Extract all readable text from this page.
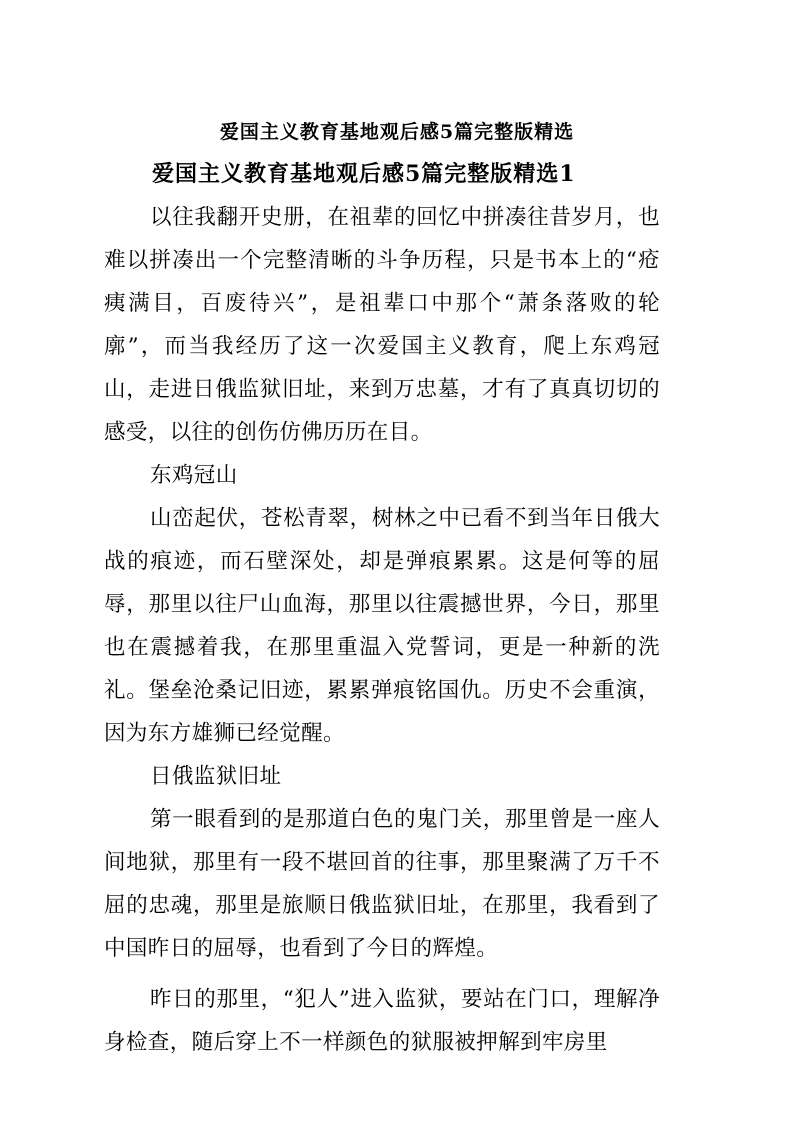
爱国主义教育基地观后感5篇完整版精选
爱国主义教育基地观后感5篇完整版精选1

以往我翻开史册，在祖辈的回忆中拼凑往昔岁月，也难以拼凑出一个完整清晰的斗争历程，只是书本上的“疮痍满目，百废待兴”，是祖辈口中那个“萧条落败的轮廓”，而当我经历了这一次爱国主义教育，爬上东鸡冠山，走进日俄监狱旧址，来到万忠墓，才有了真真切切的感受，以往的创伤仿佛历历在目。

东鸡冠山

山峦起伏，苍松青翠，树林之中已看不到当年日俄大战的痕迹，而石壁深处，却是弹痕累累。这是何等的屈辱，那里以往尸山血海，那里以往震撼世界，今日，那里也在震撼着我，在那里重温入党誓词，更是一种新的洗礼。堡垒沧桑记旧迹，累累弹痕铭国仇。历史不会重演，因为东方雄狮已经觉醒。

日俄监狱旧址

第一眼看到的是那道白色的鬼门关，那里曾是一座人间地狱，那里有一段不堪回首的往事，那里聚满了万千不屈的忠魂，那里是旅顺日俄监狱旧址，在那里，我看到了中国昨日的屈辱，也看到了今日的辉煌。

昨日的那里，“犯人”进入监狱，要站在门口，理解净身检查，随后穿上不一样颜色的狱服被押解到牢房里
